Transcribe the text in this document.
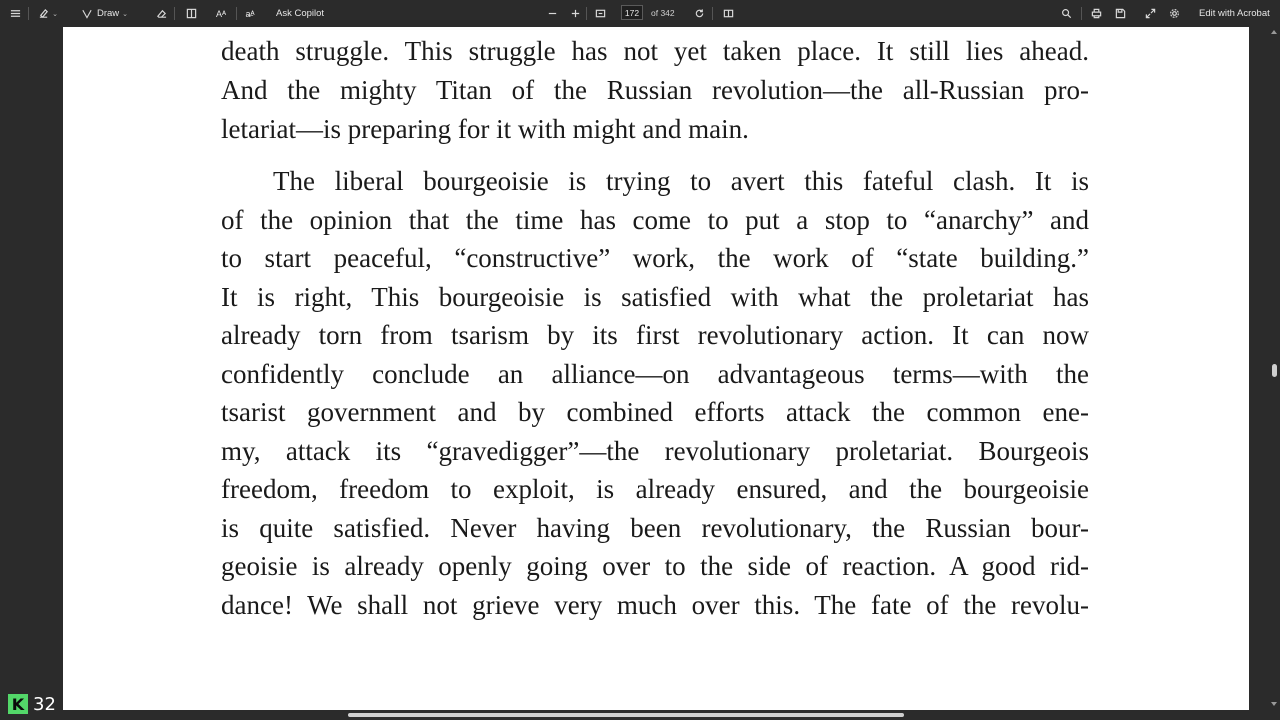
⌄	Draw ⌄	Aᴬ a̶ᴬ Ask Copilot	172	of 342	Edit with Acrobat
death struggle. This struggle has not yet taken place. It still lies ahead.
And the mighty Titan of the Russian revolution—the all-Russian pro-
letariat—is preparing for it with might and main.
The liberal bourgeoisie is trying to avert this fateful clash. It is
of the opinion that the time has come to put a stop to “anarchy” and
to start peaceful, “constructive” work, the work of “state building.”
It is right, This bourgeoisie is satisfied with what the proletariat has
already torn from tsarism by its first revolutionary action. It can now
confidently conclude an alliance—on advantageous terms—with the
tsarist government and by combined efforts attack the common ene-
my, attack its “gravedigger”—the revolutionary proletariat. Bourgeois
freedom, freedom to exploit, is already ensured, and the bourgeoisie
is quite satisfied. Never having been revolutionary, the Russian bour-
geoisie is already openly going over to the side of reaction. A good rid-
dance! We shall not grieve very much over this. The fate of the revolu-
K 32
